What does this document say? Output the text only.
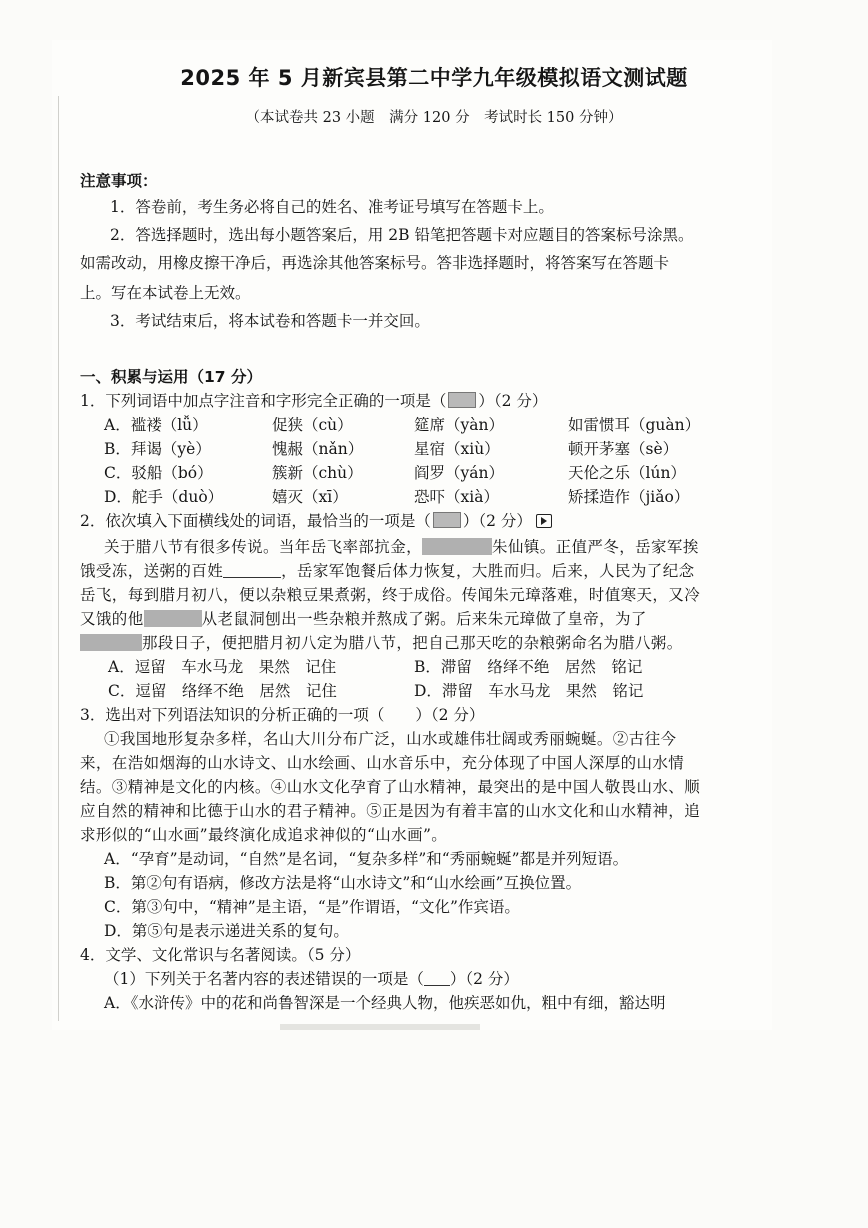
2025 年 5 月新宾县第二中学九年级模拟语文测试题
（本试卷共 23 小题　满分 120 分　考试时长 150 分钟）
注意事项：
1．答卷前，考生务必将自己的姓名、准考证号填写在答题卡上。
2．答选择题时，选出每小题答案后，用 2B 铅笔把答题卡对应题目的答案标号涂黑。
如需改动，用橡皮擦干净后，再选涂其他答案标号。答非选择题时，将答案写在答题卡
上。写在本试卷上无效。
3．考试结束后，将本试卷和答题卡一并交回。
一、积累与运用（17 分）
1．下列词语中加点字注音和字形完全正确的一项是（ ）（2 分）
A．褴褛（lǚ）	促狭（cù）	筵席（yàn）	如雷惯耳（guàn）
B．拜谒（yè）	愧赧（nǎn）	星宿（xiù）	顿开茅塞（sè）
C．驳船（bó）	簇新（chù）	阎罗（yán）	天伦之乐（lún）
D．舵手（duò）	嬉灭（xī）	恐吓（xià）	矫揉造作（jiǎo）
2．依次填入下面横线处的词语，最恰当的一项是（ ）（2 分）
关于腊八节有很多传说。当年岳飞率部抗金，	朱仙镇。正值严冬，岳家军挨
饿受冻，送粥的百姓	，岳家军饱餐后体力恢复，大胜而归。后来，人民为了纪念
岳飞，每到腊月初八，便以杂粮豆果煮粥，终于成俗。传闻朱元璋落难，时值寒天，又冷
又饿的他	从老鼠洞刨出一些杂粮并熬成了粥。后来朱元璋做了皇帝，为了
那段日子，便把腊月初八定为腊八节，把自己那天吃的杂粮粥命名为腊八粥。
A．逗留　车水马龙　果然　记住	B．滞留　络绎不绝　居然　铭记
C．逗留　络绎不绝　居然　记住	D．滞留　车水马龙　果然　铭记
3．选出对下列语法知识的分析正确的一项（　　）（2 分）
①我国地形复杂多样，名山大川分布广泛，山水或雄伟壮阔或秀丽蜿蜒。②古往今
来，在浩如烟海的山水诗文、山水绘画、山水音乐中，充分体现了中国人深厚的山水情
结。③精神是文化的内核。④山水文化孕育了山水精神，最突出的是中国人敬畏山水、顺
应自然的精神和比德于山水的君子精神。⑤正是因为有着丰富的山水文化和山水精神，追
求形似的“山水画”最终演化成追求神似的“山水画”。
A．“孕育”是动词，“自然”是名词，“复杂多样”和“秀丽蜿蜒”都是并列短语。
B．第②句有语病，修改方法是将“山水诗文”和“山水绘画”互换位置。
C．第③句中，“精神”是主语，“是”作谓语，“文化”作宾语。
D．第⑤句是表示递进关系的复句。
4．文学、文化常识与名著阅读。（5 分）
（1）下列关于名著内容的表述错误的一项是（ ）（2 分）
A．《水浒传》中的花和尚鲁智深是一个经典人物，他疾恶如仇，粗中有细，豁达明
